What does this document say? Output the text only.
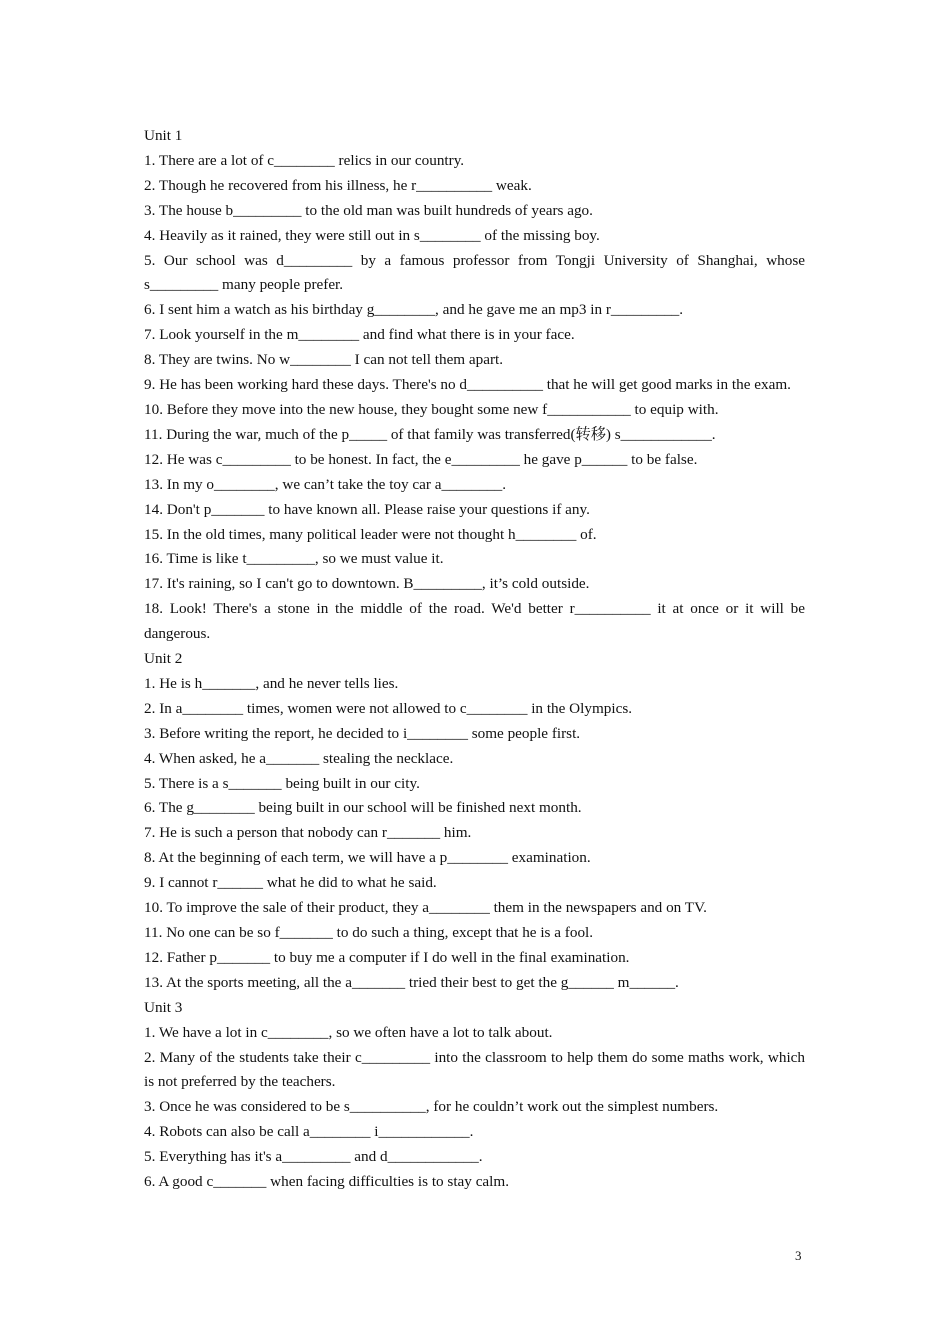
Unit 1
1. There are a lot of c________ relics in our country.
2. Though he recovered from his illness, he r__________ weak.
3. The house b_________ to the old man was built hundreds of years ago.
4. Heavily as it rained, they were still out in s________ of the missing boy.
5. Our school was d_________ by a famous professor from Tongji University of Shanghai, whose s_________ many people prefer.
6. I sent him a watch as his birthday g________, and he gave me an mp3 in r_________.
7. Look yourself in the m________ and find what there is in your face.
8. They are twins. No w________ I can not tell them apart.
9. He has been working hard these days. There's no d__________ that he will get good marks in the exam.
10. Before they move into the new house, they bought some new f___________ to equip with.
11. During the war, much of the p_____ of that family was transferred(转移) s____________.
12. He was c_________ to be honest. In fact, the e_________ he gave p______ to be false.
13. In my o________, we can’t take the toy car a________.
14. Don't p_______ to have known all. Please raise your questions if any.
15. In the old times, many political leader were not thought h________ of.
16. Time is like t_________, so we must value it.
17. It's raining, so I can't go to downtown. B_________, it’s cold outside.
18. Look! There's a stone in the middle of the road. We'd better r__________ it at once or it will be dangerous.
Unit 2
1. He is h_______, and he never tells lies.
2. In a________ times, women were not allowed to c________ in the Olympics.
3. Before writing the report, he decided to i________ some people first.
4. When asked, he a_______ stealing the necklace.
5. There is a s_______ being built in our city.
6. The g________ being built in our school will be finished next month.
7. He is such a person that nobody can r_______ him.
8. At the beginning of each term, we will have a p________ examination.
9. I cannot r______ what he did to what he said.
10. To improve the sale of their product, they a________ them in the newspapers and on TV.
11. No one can be so f_______ to do such a thing, except that he is a fool.
12. Father p_______ to buy me a computer if I do well in the final examination.
13. At the sports meeting, all the a_______ tried their best to get the g______ m______.
Unit 3
1. We have a lot in c________, so we often have a lot to talk about.
2. Many of the students take their c_________ into the classroom to help them do some maths work, which is not preferred by the teachers.
3. Once he was considered to be s__________, for he couldn’t work out the simplest numbers.
4. Robots can also be call a________ i____________.
5. Everything has it's a_________ and d____________.
6. A good c_______ when facing difficulties is to stay calm.
3
